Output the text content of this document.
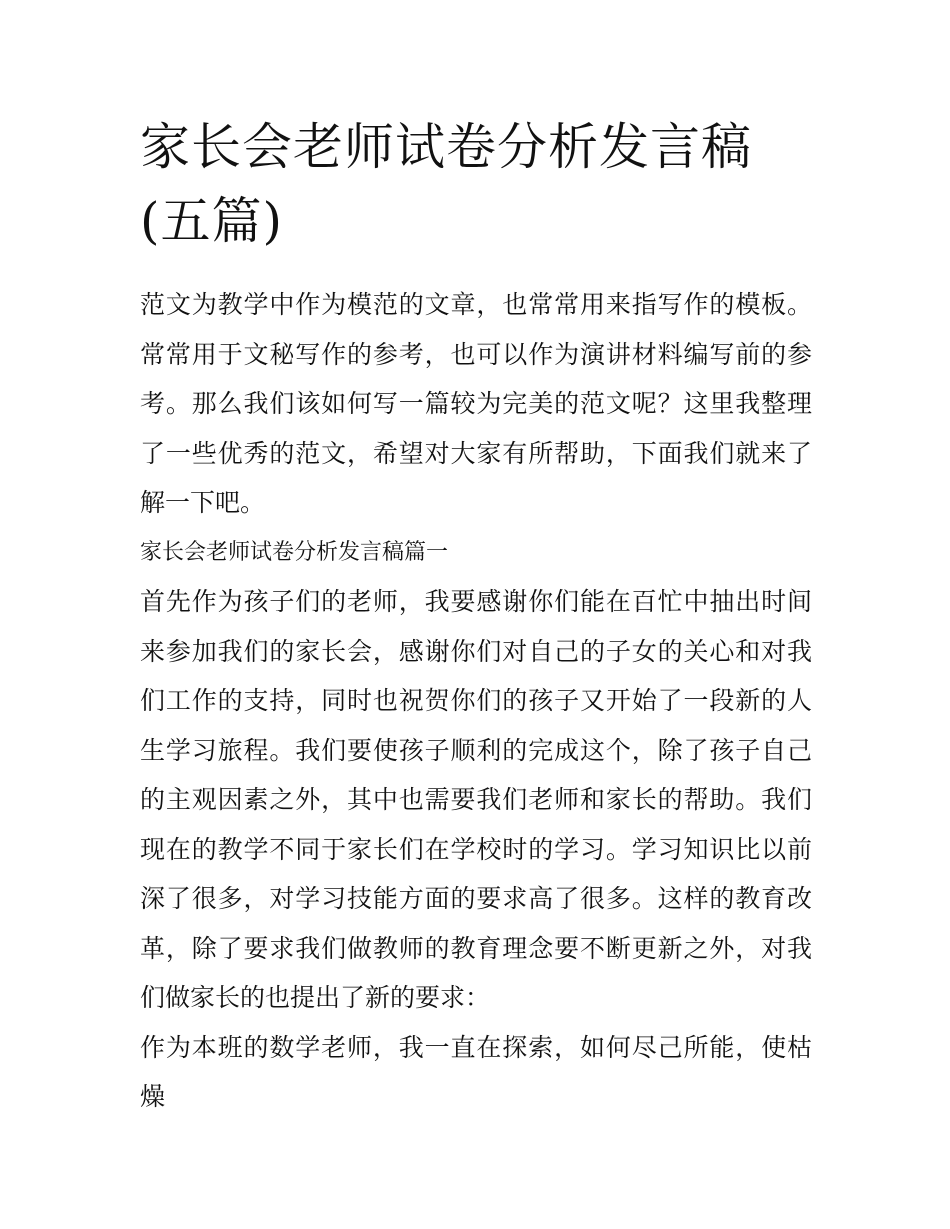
家长会老师试卷分析发言稿(五篇)

范文为教学中作为模范的文章，也常常用来指写作的模板。常常用于文秘写作的参考，也可以作为演讲材料编写前的参考。那么我们该如何写一篇较为完美的范文呢？这里我整理了一些优秀的范文，希望对大家有所帮助，下面我们就来了解一下吧。

家长会老师试卷分析发言稿篇一

首先作为孩子们的老师，我要感谢你们能在百忙中抽出时间来参加我们的家长会，感谢你们对自己的子女的关心和对我们工作的支持，同时也祝贺你们的孩子又开始了一段新的人生学习旅程。我们要使孩子顺利的完成这个，除了孩子自己的主观因素之外，其中也需要我们老师和家长的帮助。我们现在的教学不同于家长们在学校时的学习。学习知识比以前深了很多，对学习技能方面的要求高了很多。这样的教育改革，除了要求我们做教师的教育理念要不断更新之外，对我们做家长的也提出了新的要求：

作为本班的数学老师，我一直在探索，如何尽己所能，使枯燥
